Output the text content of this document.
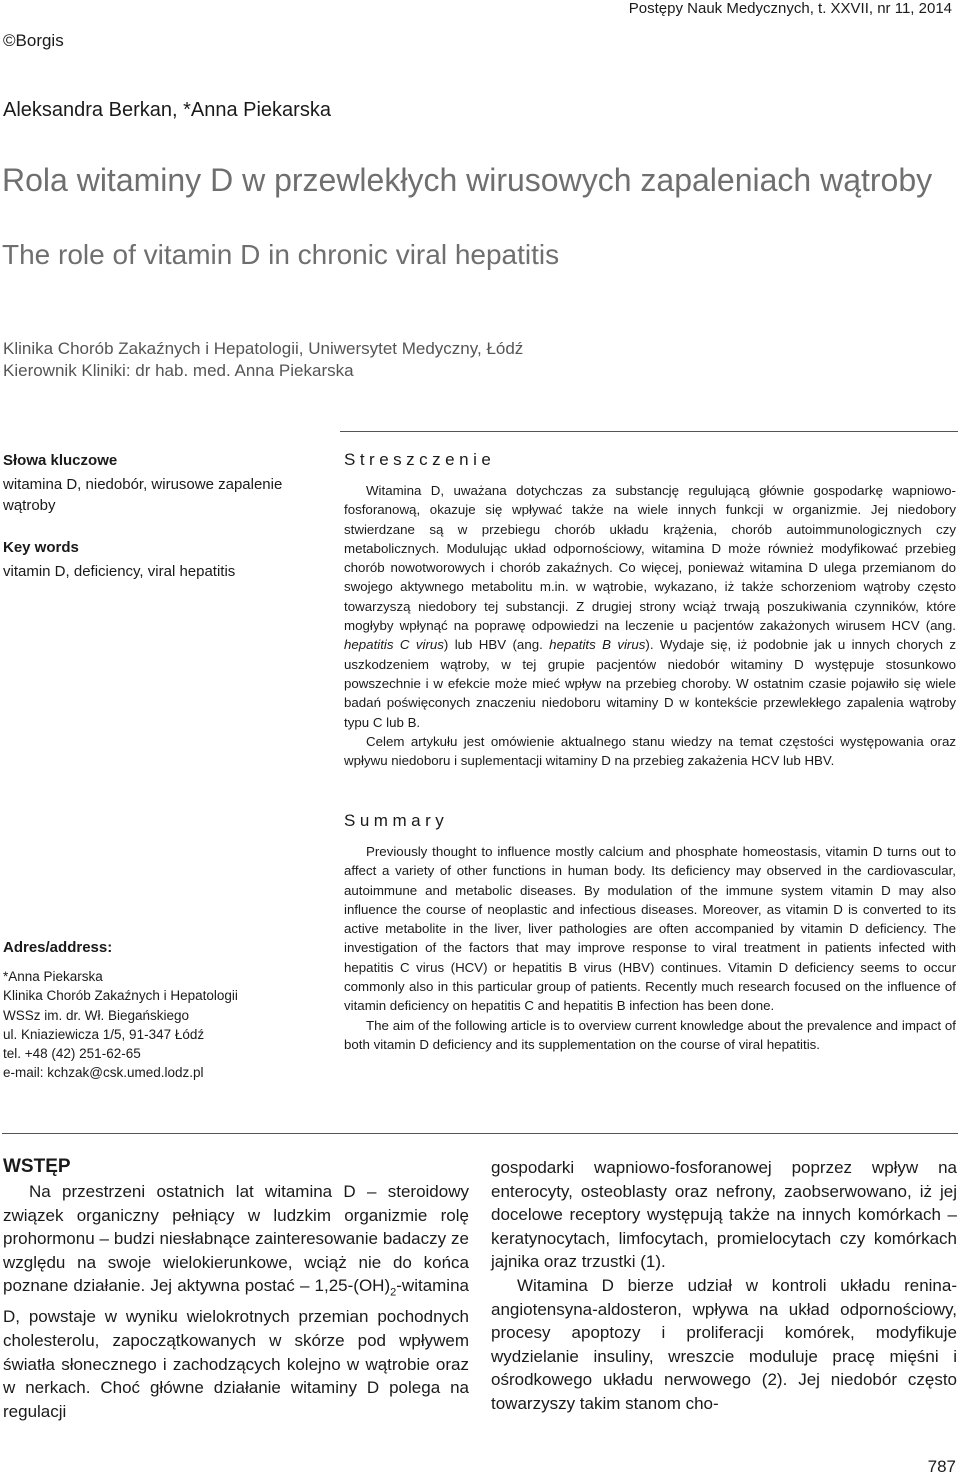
Postępy Nauk Medycznych, t. XXVII, nr 11, 2014
©Borgis
Aleksandra Berkan, *Anna Piekarska
Rola witaminy D w przewlekłych wirusowych zapaleniach wątroby
The role of vitamin D in chronic viral hepatitis
Klinika Chorób Zakaźnych i Hepatologii, Uniwersytet Medyczny, Łódź
Kierownik Kliniki: dr hab. med. Anna Piekarska
Słowa kluczowe

witamina D, niedobór, wirusowe zapalenie wątroby

Key words

vitamin D, deficiency, viral hepatitis

Streszczenie

Witamina D, uważana dotychczas za substancję regulującą głównie gospodarkę wapniowo-fosforanową, okazuje się wpływać także na wiele innych funkcji w organizmie. Jej niedobory stwierdzane są w przebiegu chorób układu krążenia, chorób autoimmunologicznych czy metabolicznych. Modulując układ odpornościowy, witamina D może również modyfikować przebieg chorób nowotworowych i chorób zakaźnych. Co więcej, ponieważ witamina D ulega przemianom do swojego aktywnego metabolitu m.in. w wątrobie, wykazano, iż także schorzeniom wątroby często towarzyszą niedobory tej substancji. Z drugiej strony wciąż trwają poszukiwania czynników, które mogłyby wpłynąć na poprawę odpowiedzi na leczenie u pacjentów zakażonych wirusem HCV (ang. hepatitis C virus) lub HBV (ang. hepatits B virus). Wydaje się, iż podobnie jak u innych chorych z uszkodzeniem wątroby, w tej grupie pacjentów niedobór witaminy D występuje stosunkowo powszechnie i w efekcie może mieć wpływ na przebieg choroby. W ostatnim czasie pojawiło się wiele badań poświęconych znaczeniu niedoboru witaminy D w kontekście przewlekłego zapalenia wątroby typu C lub B.

Celem artykułu jest omówienie aktualnego stanu wiedzy na temat częstości występowania oraz wpływu niedoboru i suplementacji witaminy D na przebieg zakażenia HCV lub HBV.

Summary

Previously thought to influence mostly calcium and phosphate homeostasis, vitamin D turns out to affect a variety of other functions in human body. Its deficiency may observed in the cardiovascular, autoimmune and metabolic diseases. By modulation of the immune system vitamin D may also influence the course of neoplastic and infectious diseases. Moreover, as vitamin D is converted to its active metabolite in the liver, liver pathologies are often accompanied by vitamin D deficiency. The investigation of the factors that may improve response to viral treatment in patients infected with hepatitis C virus (HCV) or hepatitis B virus (HBV) continues. Vitamin D deficiency seems to occur commonly also in this particular group of patients. Recently much research focused on the influence of vitamin deficiency on hepatitis C and hepatitis B infection has been done.

The aim of the following article is to overview current knowledge about the prevalence and impact of both vitamin D deficiency and its supplementation on the course of viral hepatitis.

Adres/address:
*Anna Piekarska
Klinika Chorób Zakaźnych i Hepatologii
WSSz im. dr. Wł. Biegańskiego
ul. Kniaziewicza 1/5, 91-347 Łódź
tel. +48 (42) 251-62-65
e-mail: kchzak@csk.umed.lodz.pl
WSTĘP

Na przestrzeni ostatnich lat witamina D – steroidowy związek organiczny pełniący w ludzkim organizmie rolę prohormonu – budzi niesłabnące zainteresowanie badaczy ze względu na swoje wielokierunkowe, wciąż nie do końca poznane działanie. Jej aktywna postać – $1,25-(OH)_2$-witamina D, powstaje w wyniku wielokrotnych przemian pochodnych cholesterolu, zapoczątkowanych w skórze pod wpływem światła słonecznego i zachodzących kolejno w wątrobie oraz w nerkach. Choć główne działanie witaminy D polega na regulacji

gospodarki wapniowo-fosforanowej poprzez wpływ na enterocyty, osteoblasty oraz nefrony, zaobserwowano, iż jej docelowe receptory występują także na innych komórkach – keratynocytach, limfocytach, promielocytach czy komórkach jajnika oraz trzustki (1).

Witamina D bierze udział w kontroli układu renina-angiotensyna-aldosteron, wpływa na układ odpornościowy, procesy apoptozy i proliferacji komórek, modyfikuje wydzielanie insuliny, wreszcie moduluje pracę mięśni i ośrodkowego układu nerwowego (2). Jej niedobór często towarzyszy takim stanom cho-

787
